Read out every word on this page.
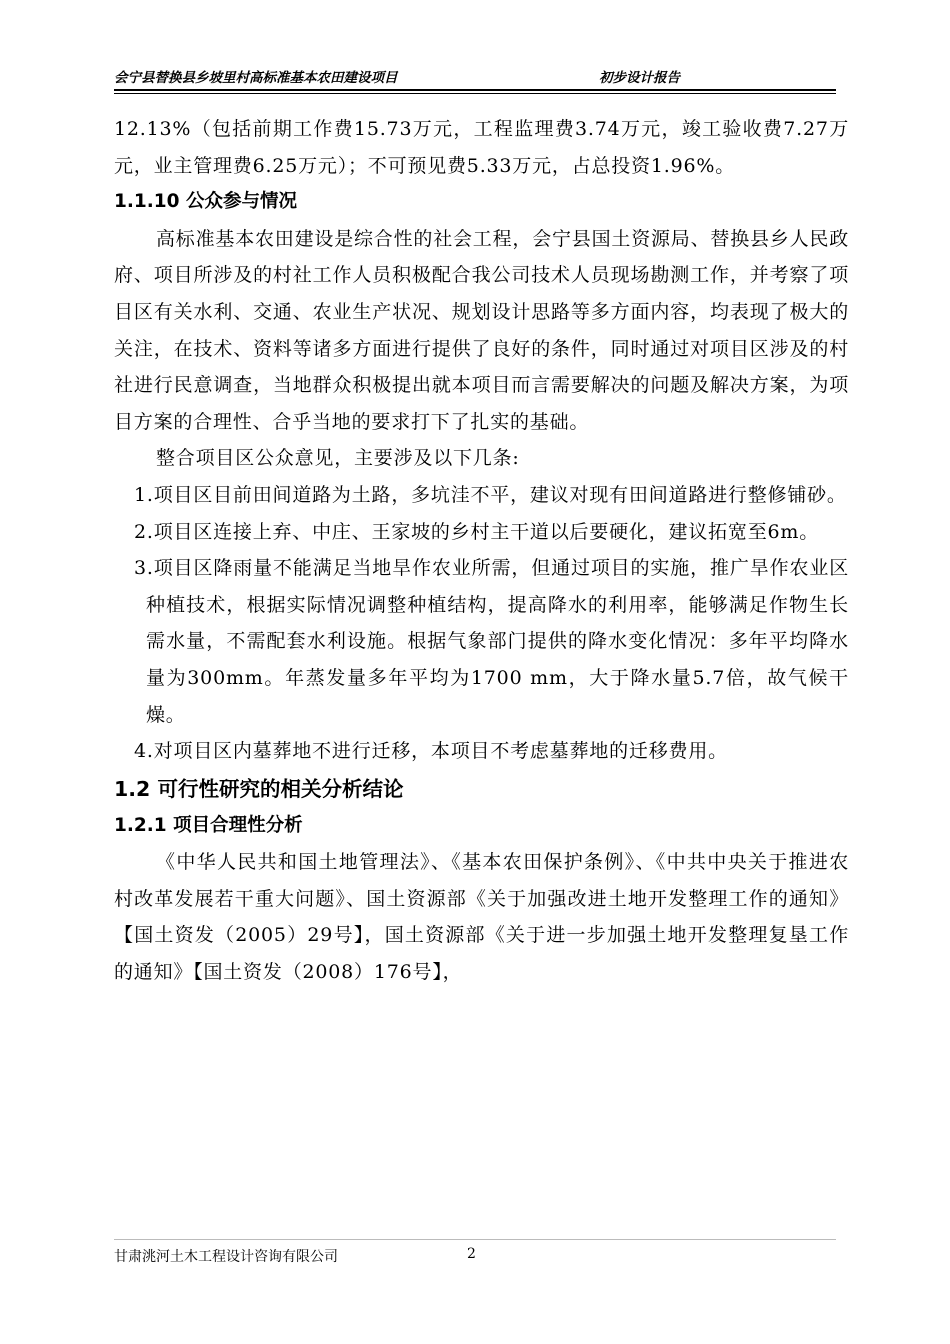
会宁县替换县乡坡里村高标准基本农田建设项目	初步设计报告

12.13%（包括前期工作费15.73万元，工程监理费3.74万元，竣工验收费7.27万元，业主管理费6.25万元）；不可预见费5.33万元，占总投资1.96%。

1.1.10 公众参与情况

高标准基本农田建设是综合性的社会工程，会宁县国土资源局、替换县乡人民政府、项目所涉及的村社工作人员积极配合我公司技术人员现场勘测工作，并考察了项目区有关水利、交通、农业生产状况、规划设计思路等多方面内容，均表现了极大的关注，在技术、资料等诸多方面进行提供了良好的条件，同时通过对项目区涉及的村社进行民意调查，当地群众积极提出就本项目而言需要解决的问题及解决方案，为项目方案的合理性、合乎当地的要求打下了扎实的基础。

整合项目区公众意见，主要涉及以下几条:

1.项目区目前田间道路为土路，多坑洼不平，建议对现有田间道路进行整修铺砂。

2.项目区连接上弃、中庄、王家坡的乡村主干道以后要硬化，建议拓宽至6m。

3.项目区降雨量不能满足当地旱作农业所需，但通过项目的实施，推广旱作农业区种植技术，根据实际情况调整种植结构，提高降水的利用率，能够满足作物生长需水量，不需配套水利设施。根据气象部门提供的降水变化情况：多年平均降水量为300mm。年蒸发量多年平均为1700 mm，大于降水量5.7倍，故气候干燥。

4.对项目区内墓葬地不进行迁移，本项目不考虑墓葬地的迁移费用。

1.2 可行性研究的相关分析结论
1.2.1 项目合理性分析

《中华人民共和国土地管理法》、《基本农田保护条例》、《中共中央关于推进农村改革发展若干重大问题》、国土资源部《关于加强改进土地开发整理工作的通知》【国土资发（2005）29号】，国土资源部《关于进一步加强土地开发整理复垦工作的通知》【国土资发（2008）176号】，

甘肃洮河土木工程设计咨询有限公司	2
